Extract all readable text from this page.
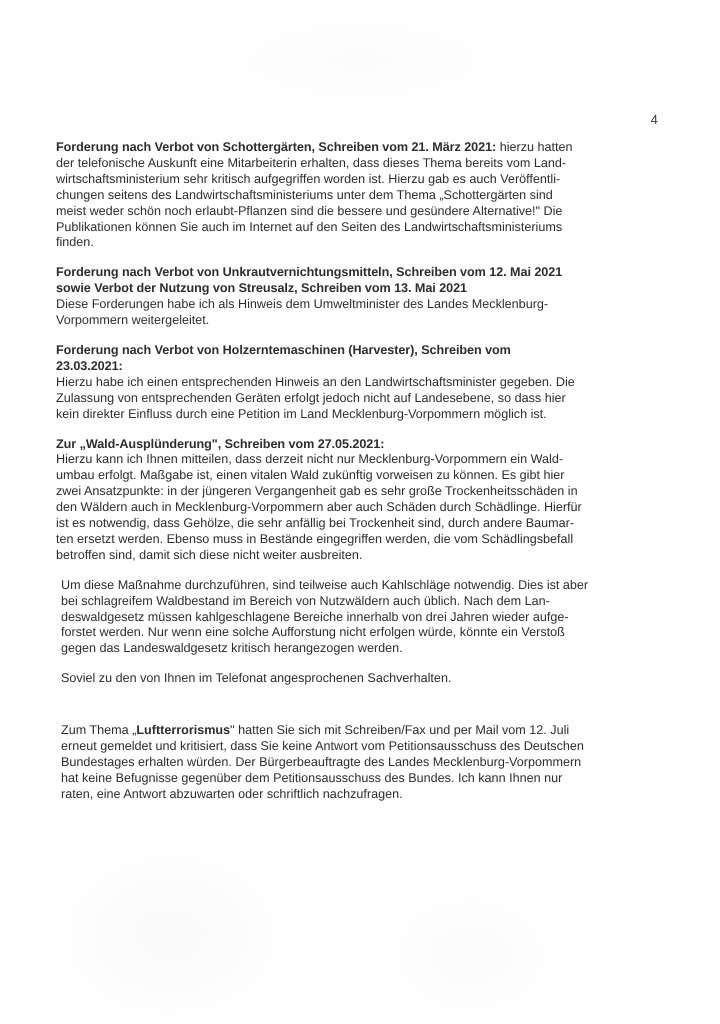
4
Forderung nach Verbot von Schottergärten, Schreiben vom 21. März 2021: hierzu hatten
der telefonische Auskunft eine Mitarbeiterin erhalten, dass dieses Thema bereits vom Land-
wirtschaftsministerium sehr kritisch aufgegriffen worden ist. Hierzu gab es auch Veröffentli-
chungen seitens des Landwirtschaftsministeriums unter dem Thema „Schottergärten sind
meist weder schön noch erlaubt-Pflanzen sind die bessere und gesündere Alternative!" Die
Publikationen können Sie auch im Internet auf den Seiten des Landwirtschaftsministeriums
finden.
Forderung nach Verbot von Unkrautvernichtungsmitteln, Schreiben vom 12. Mai 2021
sowie Verbot der Nutzung von Streusalz, Schreiben vom 13. Mai 2021
Diese Forderungen habe ich als Hinweis dem Umweltminister des Landes Mecklenburg-
Vorpommern weitergeleitet.
Forderung nach Verbot von Holzerntemaschinen (Harvester), Schreiben vom
23.03.2021:
Hierzu habe ich einen entsprechenden Hinweis an den Landwirtschaftsminister gegeben. Die
Zulassung von entsprechenden Geräten erfolgt jedoch nicht auf Landesebene, so dass hier
kein direkter Einfluss durch eine Petition im Land Mecklenburg-Vorpommern möglich ist.
Zur „Wald-Ausplünderung", Schreiben vom 27.05.2021:
Hierzu kann ich Ihnen mitteilen, dass derzeit nicht nur Mecklenburg-Vorpommern ein Wald-
umbau erfolgt. Maßgabe ist, einen vitalen Wald zukünftig vorweisen zu können. Es gibt hier
zwei Ansatzpunkte: in der jüngeren Vergangenheit gab es sehr große Trockenheitsschäden in
den Wäldern auch in Mecklenburg-Vorpommern aber auch Schäden durch Schädlinge. Hierfür
ist es notwendig, dass Gehölze, die sehr anfällig bei Trockenheit sind, durch andere Baumar-
ten ersetzt werden. Ebenso muss in Bestände eingegriffen werden, die vom Schädlingsbefall
betroffen sind, damit sich diese nicht weiter ausbreiten.
Um diese Maßnahme durchzuführen, sind teilweise auch Kahlschläge notwendig. Dies ist aber
bei schlagreifem Waldbestand im Bereich von Nutzwäldern auch üblich. Nach dem Lan-
deswaldgesetz müssen kahlgeschlagene Bereiche innerhalb von drei Jahren wieder aufge-
forstet werden. Nur wenn eine solche Aufforstung nicht erfolgen würde, könnte ein Verstoß
gegen das Landeswaldgesetz kritisch herangezogen werden.
Soviel zu den von Ihnen im Telefonat angesprochenen Sachverhalten.
Zum Thema „Luftterrorismus" hatten Sie sich mit Schreiben/Fax und per Mail vom 12. Juli
erneut gemeldet und kritisiert, dass Sie keine Antwort vom Petitionsausschuss des Deutschen
Bundestages erhalten würden. Der Bürgerbeauftragte des Landes Mecklenburg-Vorpommern
hat keine Befugnisse gegenüber dem Petitionsausschuss des Bundes. Ich kann Ihnen nur
raten, eine Antwort abzuwarten oder schriftlich nachzufragen.
